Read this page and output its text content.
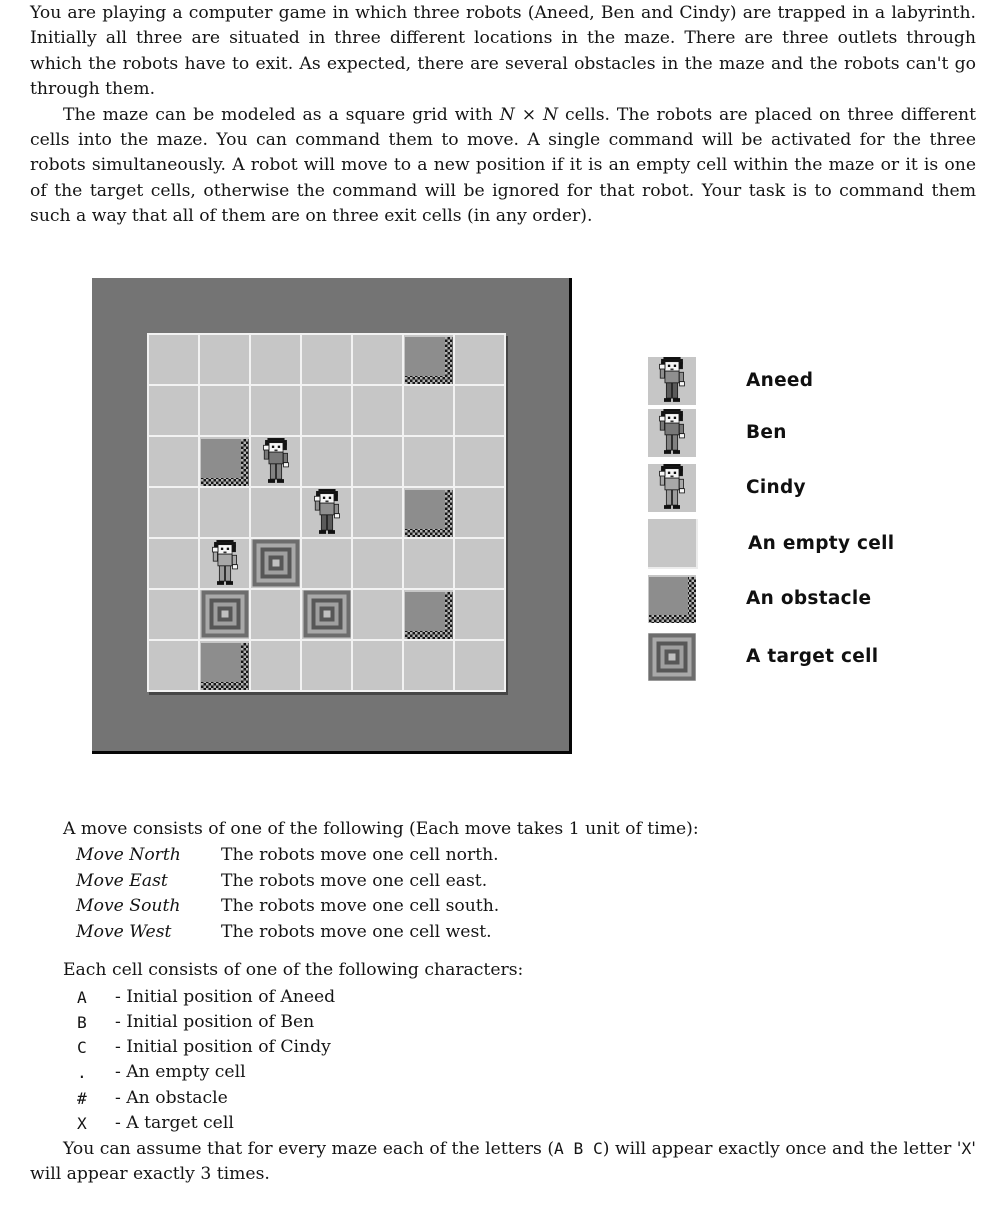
You are playing a computer game in which three robots (Aneed, Ben and Cindy) are trapped in a labyrinth. Initially all three are situated in three different locations in the maze. There are three outlets through which the robots have to exit. As expected, there are several obstacles in the maze and the robots can't go through them.

The maze can be modeled as a square grid with N × N cells. The robots are placed on three different cells into the maze. You can command them to move. A single command will be activated for the three robots simultaneously. A robot will move to a new position if it is an empty cell within the maze or it is one of the target cells, otherwise the command will be ignored for that robot. Your task is to command them such a way that all of them are on three exit cells (in any order).

Aneed
Ben
Cindy
An empty cell
An obstacle
A target cell

A move consists of one of the following (Each move takes 1 unit of time):

Move North	The robots move one cell north.
Move East	The robots move one cell east.
Move South	The robots move one cell south.
Move West	The robots move one cell west.

Each cell consists of one of the following characters:

A	- Initial position of Aneed
B	- Initial position of Ben
C	- Initial position of Cindy
.	- An empty cell
#	- An obstacle
X	- A target cell

You can assume that for every maze each of the letters (A B C) will appear exactly once and the letter 'X' will appear exactly 3 times.
